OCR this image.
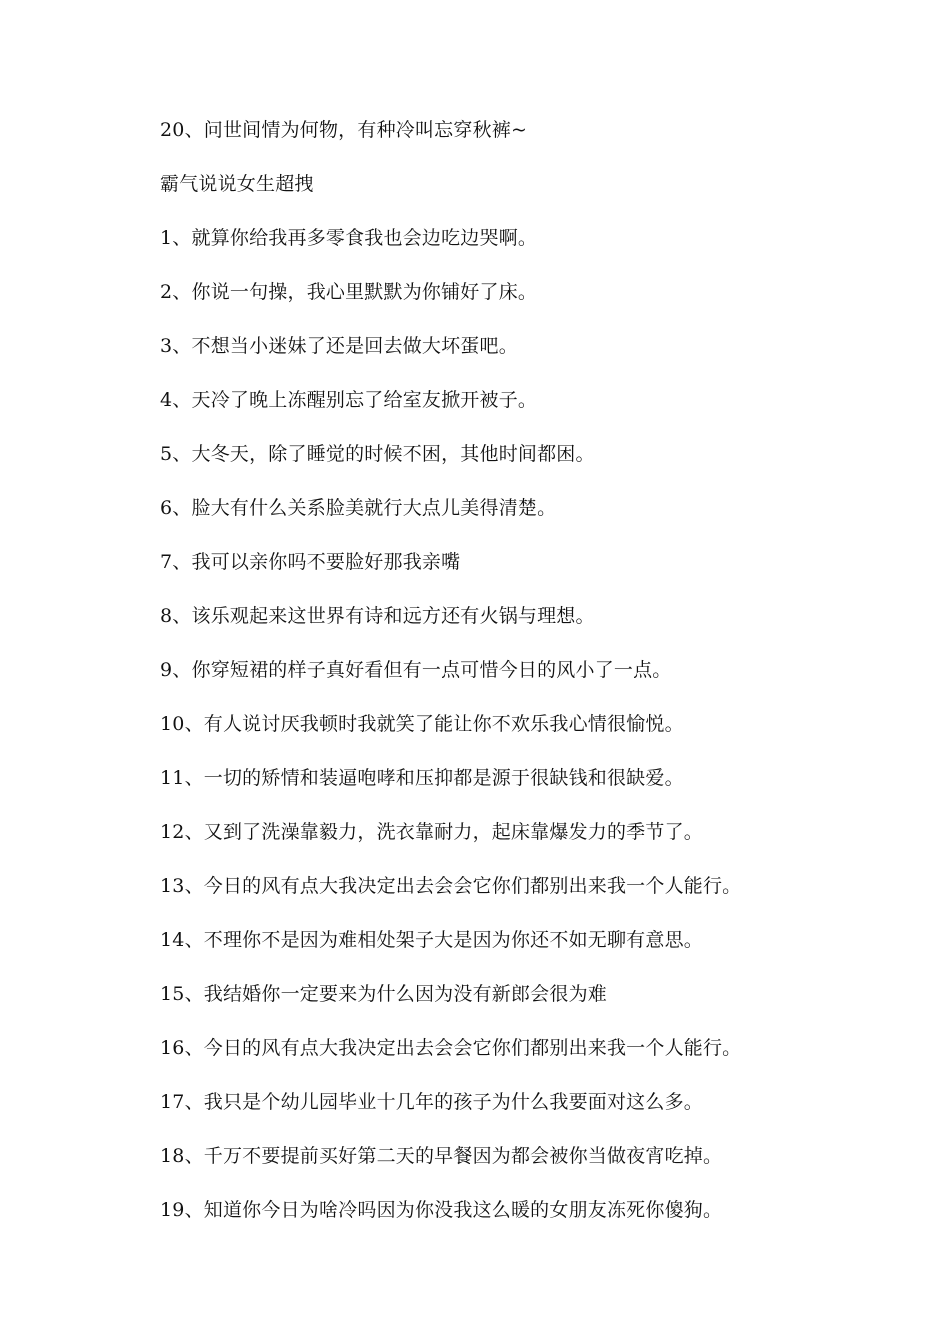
20、问世间情为何物，有种冷叫忘穿秋裤~
霸气说说女生超拽
1、就算你给我再多零食我也会边吃边哭啊。
2、你说一句操，我心里默默为你铺好了床。
3、不想当小迷妹了还是回去做大坏蛋吧。
4、天冷了晚上冻醒别忘了给室友掀开被子。
5、大冬天，除了睡觉的时候不困，其他时间都困。
6、脸大有什么关系脸美就行大点儿美得清楚。
7、我可以亲你吗不要脸好那我亲嘴
8、该乐观起来这世界有诗和远方还有火锅与理想。
9、你穿短裙的样子真好看但有一点可惜今日的风小了一点。
10、有人说讨厌我顿时我就笑了能让你不欢乐我心情很愉悦。
11、一切的矫情和装逼咆哮和压抑都是源于很缺钱和很缺爱。
12、又到了洗澡靠毅力，洗衣靠耐力，起床靠爆发力的季节了。
13、今日的风有点大我决定出去会会它你们都别出来我一个人能行。
14、不理你不是因为难相处架子大是因为你还不如无聊有意思。
15、我结婚你一定要来为什么因为没有新郎会很为难
16、今日的风有点大我决定出去会会它你们都别出来我一个人能行。
17、我只是个幼儿园毕业十几年的孩子为什么我要面对这么多。
18、千万不要提前买好第二天的早餐因为都会被你当做夜宵吃掉。
19、知道你今日为啥冷吗因为你没我这么暖的女朋友冻死你傻狗。
